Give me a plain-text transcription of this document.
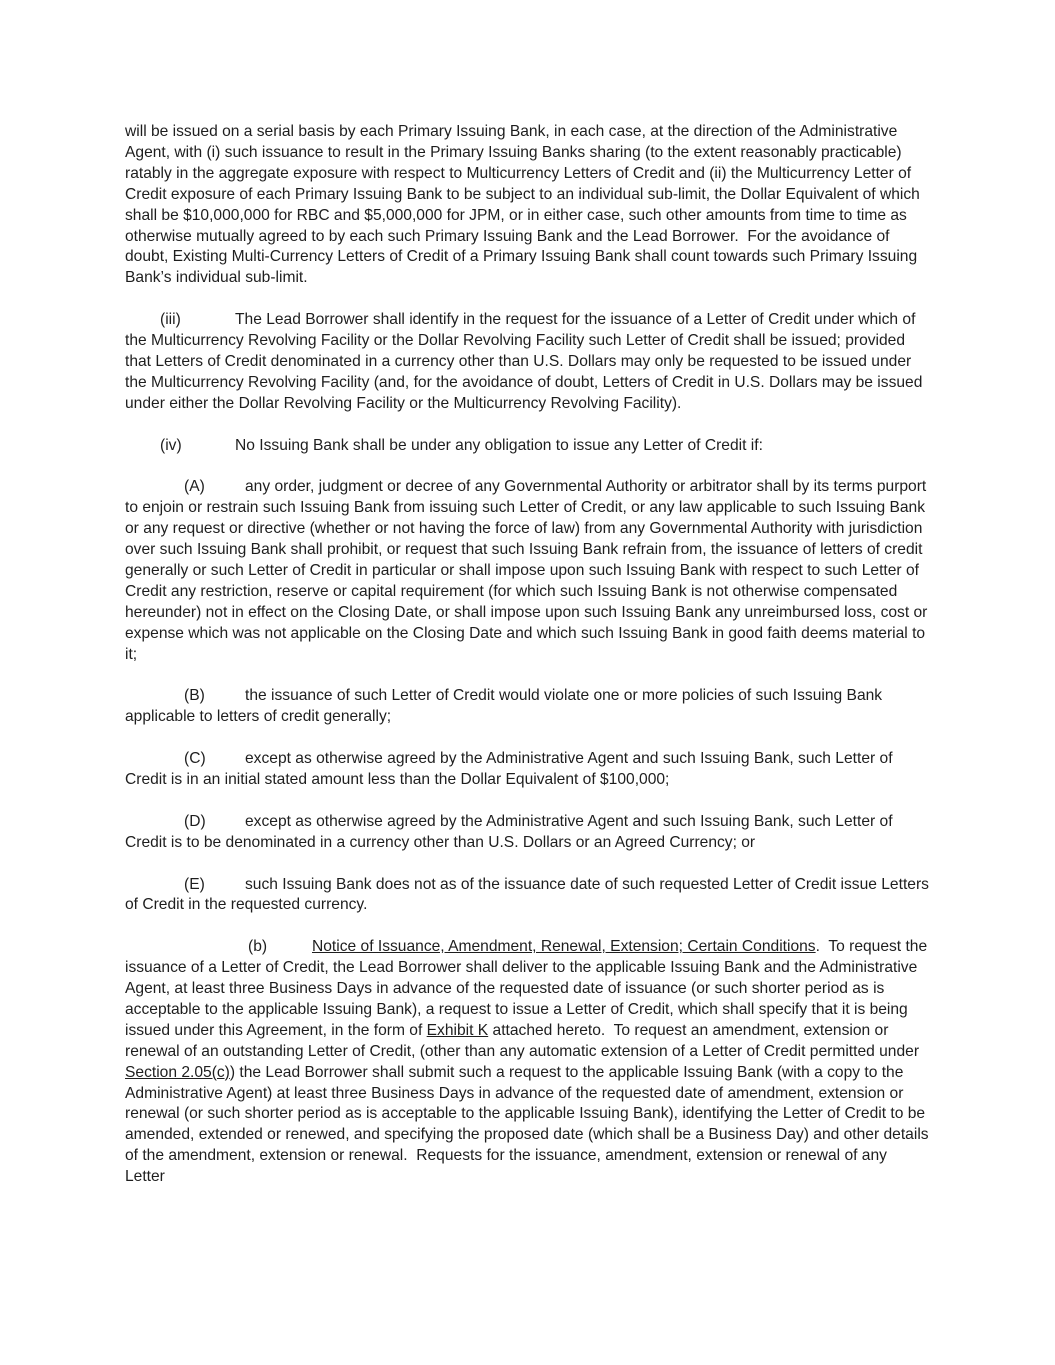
will be issued on a serial basis by each Primary Issuing Bank, in each case, at the direction of the Administrative Agent, with (i) such issuance to result in the Primary Issuing Banks sharing (to the extent reasonably practicable) ratably in the aggregate exposure with respect to Multicurrency Letters of Credit and (ii) the Multicurrency Letter of Credit exposure of each Primary Issuing Bank to be subject to an individual sub-limit, the Dollar Equivalent of which shall be $10,000,000 for RBC and $5,000,000 for JPM, or in either case, such other amounts from time to time as otherwise mutually agreed to by each such Primary Issuing Bank and the Lead Borrower.  For the avoidance of doubt, Existing Multi-Currency Letters of Credit of a Primary Issuing Bank shall count towards such Primary Issuing Bank’s individual sub-limit.

(iii)	The Lead Borrower shall identify in the request for the issuance of a Letter of Credit under which of the Multicurrency Revolving Facility or the Dollar Revolving Facility such Letter of Credit shall be issued; provided that Letters of Credit denominated in a currency other than U.S. Dollars may only be requested to be issued under the Multicurrency Revolving Facility (and, for the avoidance of doubt, Letters of Credit in U.S. Dollars may be issued under either the Dollar Revolving Facility or the Multicurrency Revolving Facility).

(iv)	No Issuing Bank shall be under any obligation to issue any Letter of Credit if:

(A)	any order, judgment or decree of any Governmental Authority or arbitrator shall by its terms purport to enjoin or restrain such Issuing Bank from issuing such Letter of Credit, or any law applicable to such Issuing Bank or any request or directive (whether or not having the force of law) from any Governmental Authority with jurisdiction over such Issuing Bank shall prohibit, or request that such Issuing Bank refrain from, the issuance of letters of credit generally or such Letter of Credit in particular or shall impose upon such Issuing Bank with respect to such Letter of Credit any restriction, reserve or capital requirement (for which such Issuing Bank is not otherwise compensated hereunder) not in effect on the Closing Date, or shall impose upon such Issuing Bank any unreimbursed loss, cost or expense which was not applicable on the Closing Date and which such Issuing Bank in good faith deems material to it;

(B)	the issuance of such Letter of Credit would violate one or more policies of such Issuing Bank applicable to letters of credit generally;

(C)	except as otherwise agreed by the Administrative Agent and such Issuing Bank, such Letter of Credit is in an initial stated amount less than the Dollar Equivalent of $100,000;

(D)	except as otherwise agreed by the Administrative Agent and such Issuing Bank, such Letter of Credit is to be denominated in a currency other than U.S. Dollars or an Agreed Currency; or

(E)	such Issuing Bank does not as of the issuance date of such requested Letter of Credit issue Letters of Credit in the requested currency.

(b)	Notice of Issuance, Amendment, Renewal, Extension; Certain Conditions.  To request the issuance of a Letter of Credit, the Lead Borrower shall deliver to the applicable Issuing Bank and the Administrative Agent, at least three Business Days in advance of the requested date of issuance (or such shorter period as is acceptable to the applicable Issuing Bank), a request to issue a Letter of Credit, which shall specify that it is being issued under this Agreement, in the form of Exhibit K attached hereto.  To request an amendment, extension or renewal of an outstanding Letter of Credit, (other than any automatic extension of a Letter of Credit permitted under Section 2.05(c)) the Lead Borrower shall submit such a request to the applicable Issuing Bank (with a copy to the Administrative Agent) at least three Business Days in advance of the requested date of amendment, extension or renewal (or such shorter period as is acceptable to the applicable Issuing Bank), identifying the Letter of Credit to be amended, extended or renewed, and specifying the proposed date (which shall be a Business Day) and other details of the amendment, extension or renewal.  Requests for the issuance, amendment, extension or renewal of any Letter
